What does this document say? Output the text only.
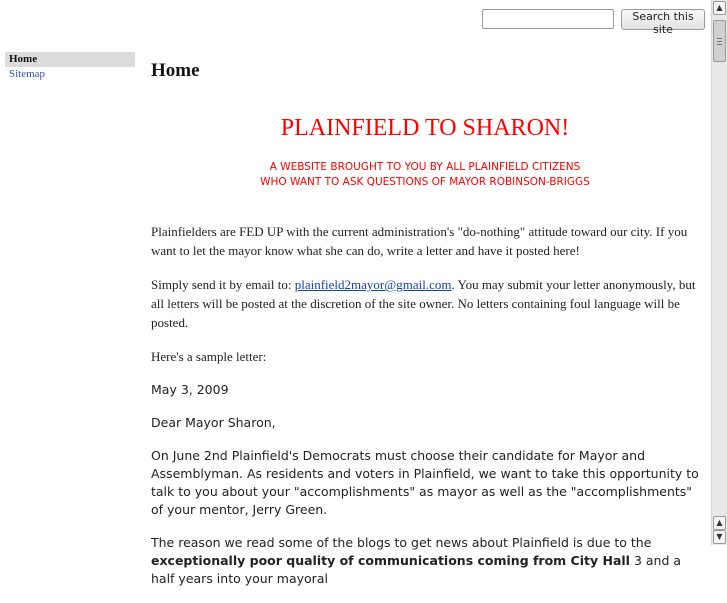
Search this site
Home
Sitemap	Home
PLAINFIELD TO SHARON!
A WEBSITE BROUGHT TO YOU BY ALL PLAINFIELD CITIZENS
WHO WANT TO ASK QUESTIONS OF MAYOR ROBINSON-BRIGGS

Plainfielders are FED UP with the current administration's "do-nothing" attitude toward our city. If you want to let the mayor know what she can do, write a letter and have it posted here!

Simply send it by email to: plainfield2mayor@gmail.com. You may submit your letter anonymously, but all letters will be posted at the discretion of the site owner. No letters containing foul language will be posted.

Here's a sample letter:

May 3, 2009

Dear Mayor Sharon,

On June 2nd Plainfield's Democrats must choose their candidate for Mayor and Assemblyman. As residents and voters in Plainfield, we want to take this opportunity to talk to you about your "accomplishments" as mayor as well as the "accomplishments" of your mentor, Jerry Green.

The reason we read some of the blogs to get news about Plainfield is due to the exceptionally poor quality of communications coming from City Hall 3 and a half years into your mayoral

▲
▲
▼
